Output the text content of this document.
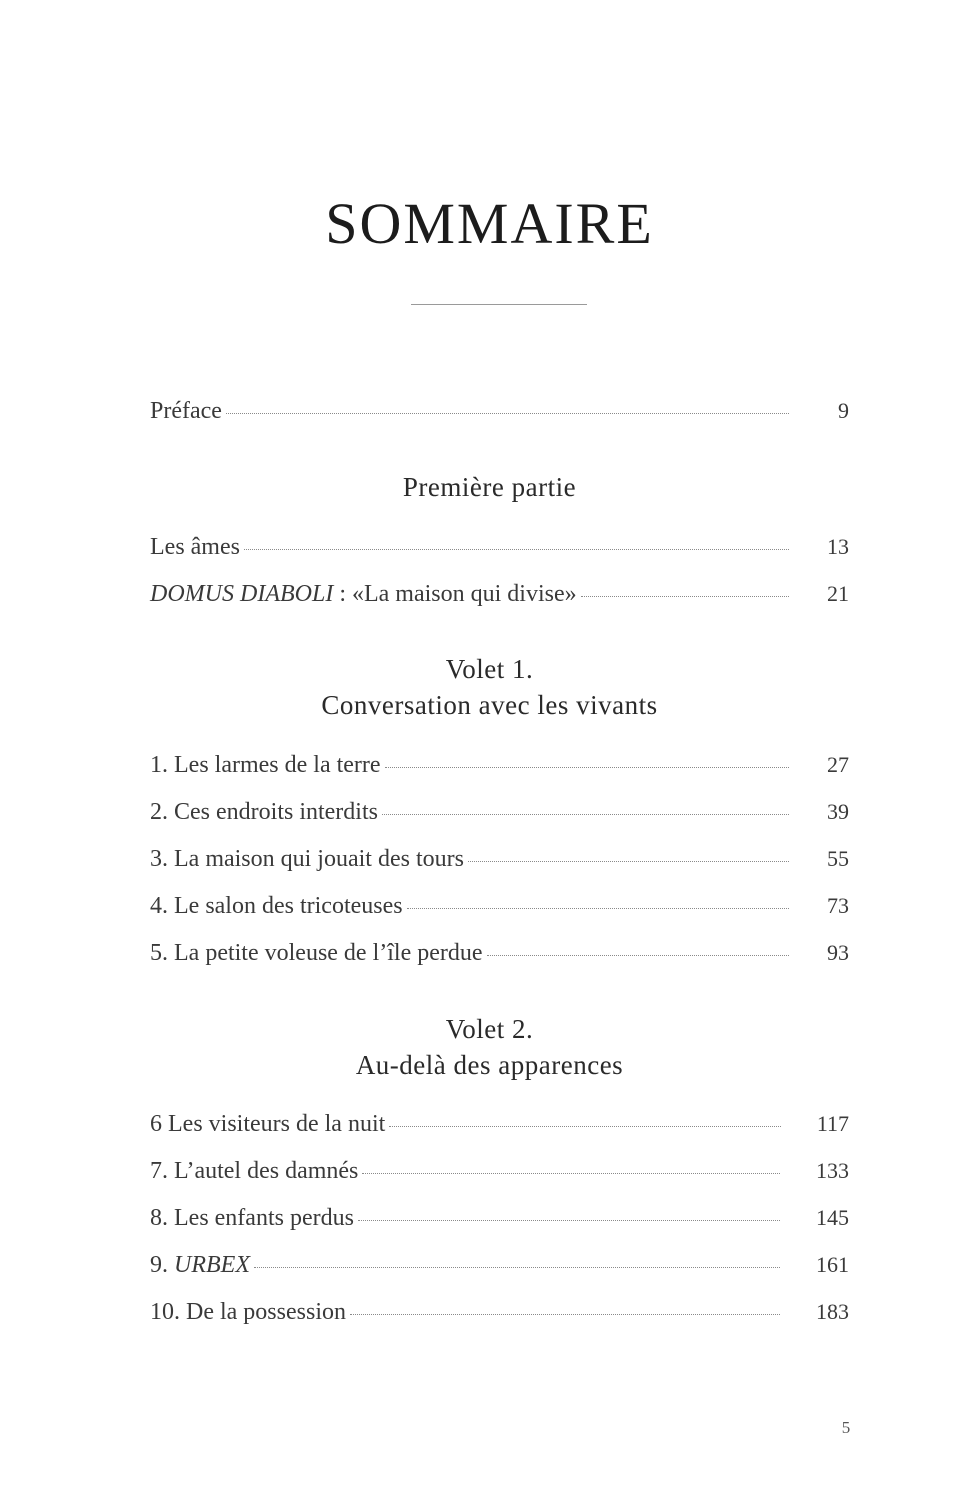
SOMMAIRE
Préface	9
Première partie
Les âmes	13
DOMUS DIABOLI : «La maison qui divise»	21
Volet 1.
Conversation avec les vivants
1. Les larmes de la terre	27
2. Ces endroits interdits	39
3. La maison qui jouait des tours	55
4. Le salon des tricoteuses	73
5. La petite voleuse de l’île perdue	93
Volet 2.
Au-delà des apparences
6 Les visiteurs de la nuit	117
7. L’autel des damnés	133
8. Les enfants perdus	145
9. URBEX	161
10. De la possession	183
5
